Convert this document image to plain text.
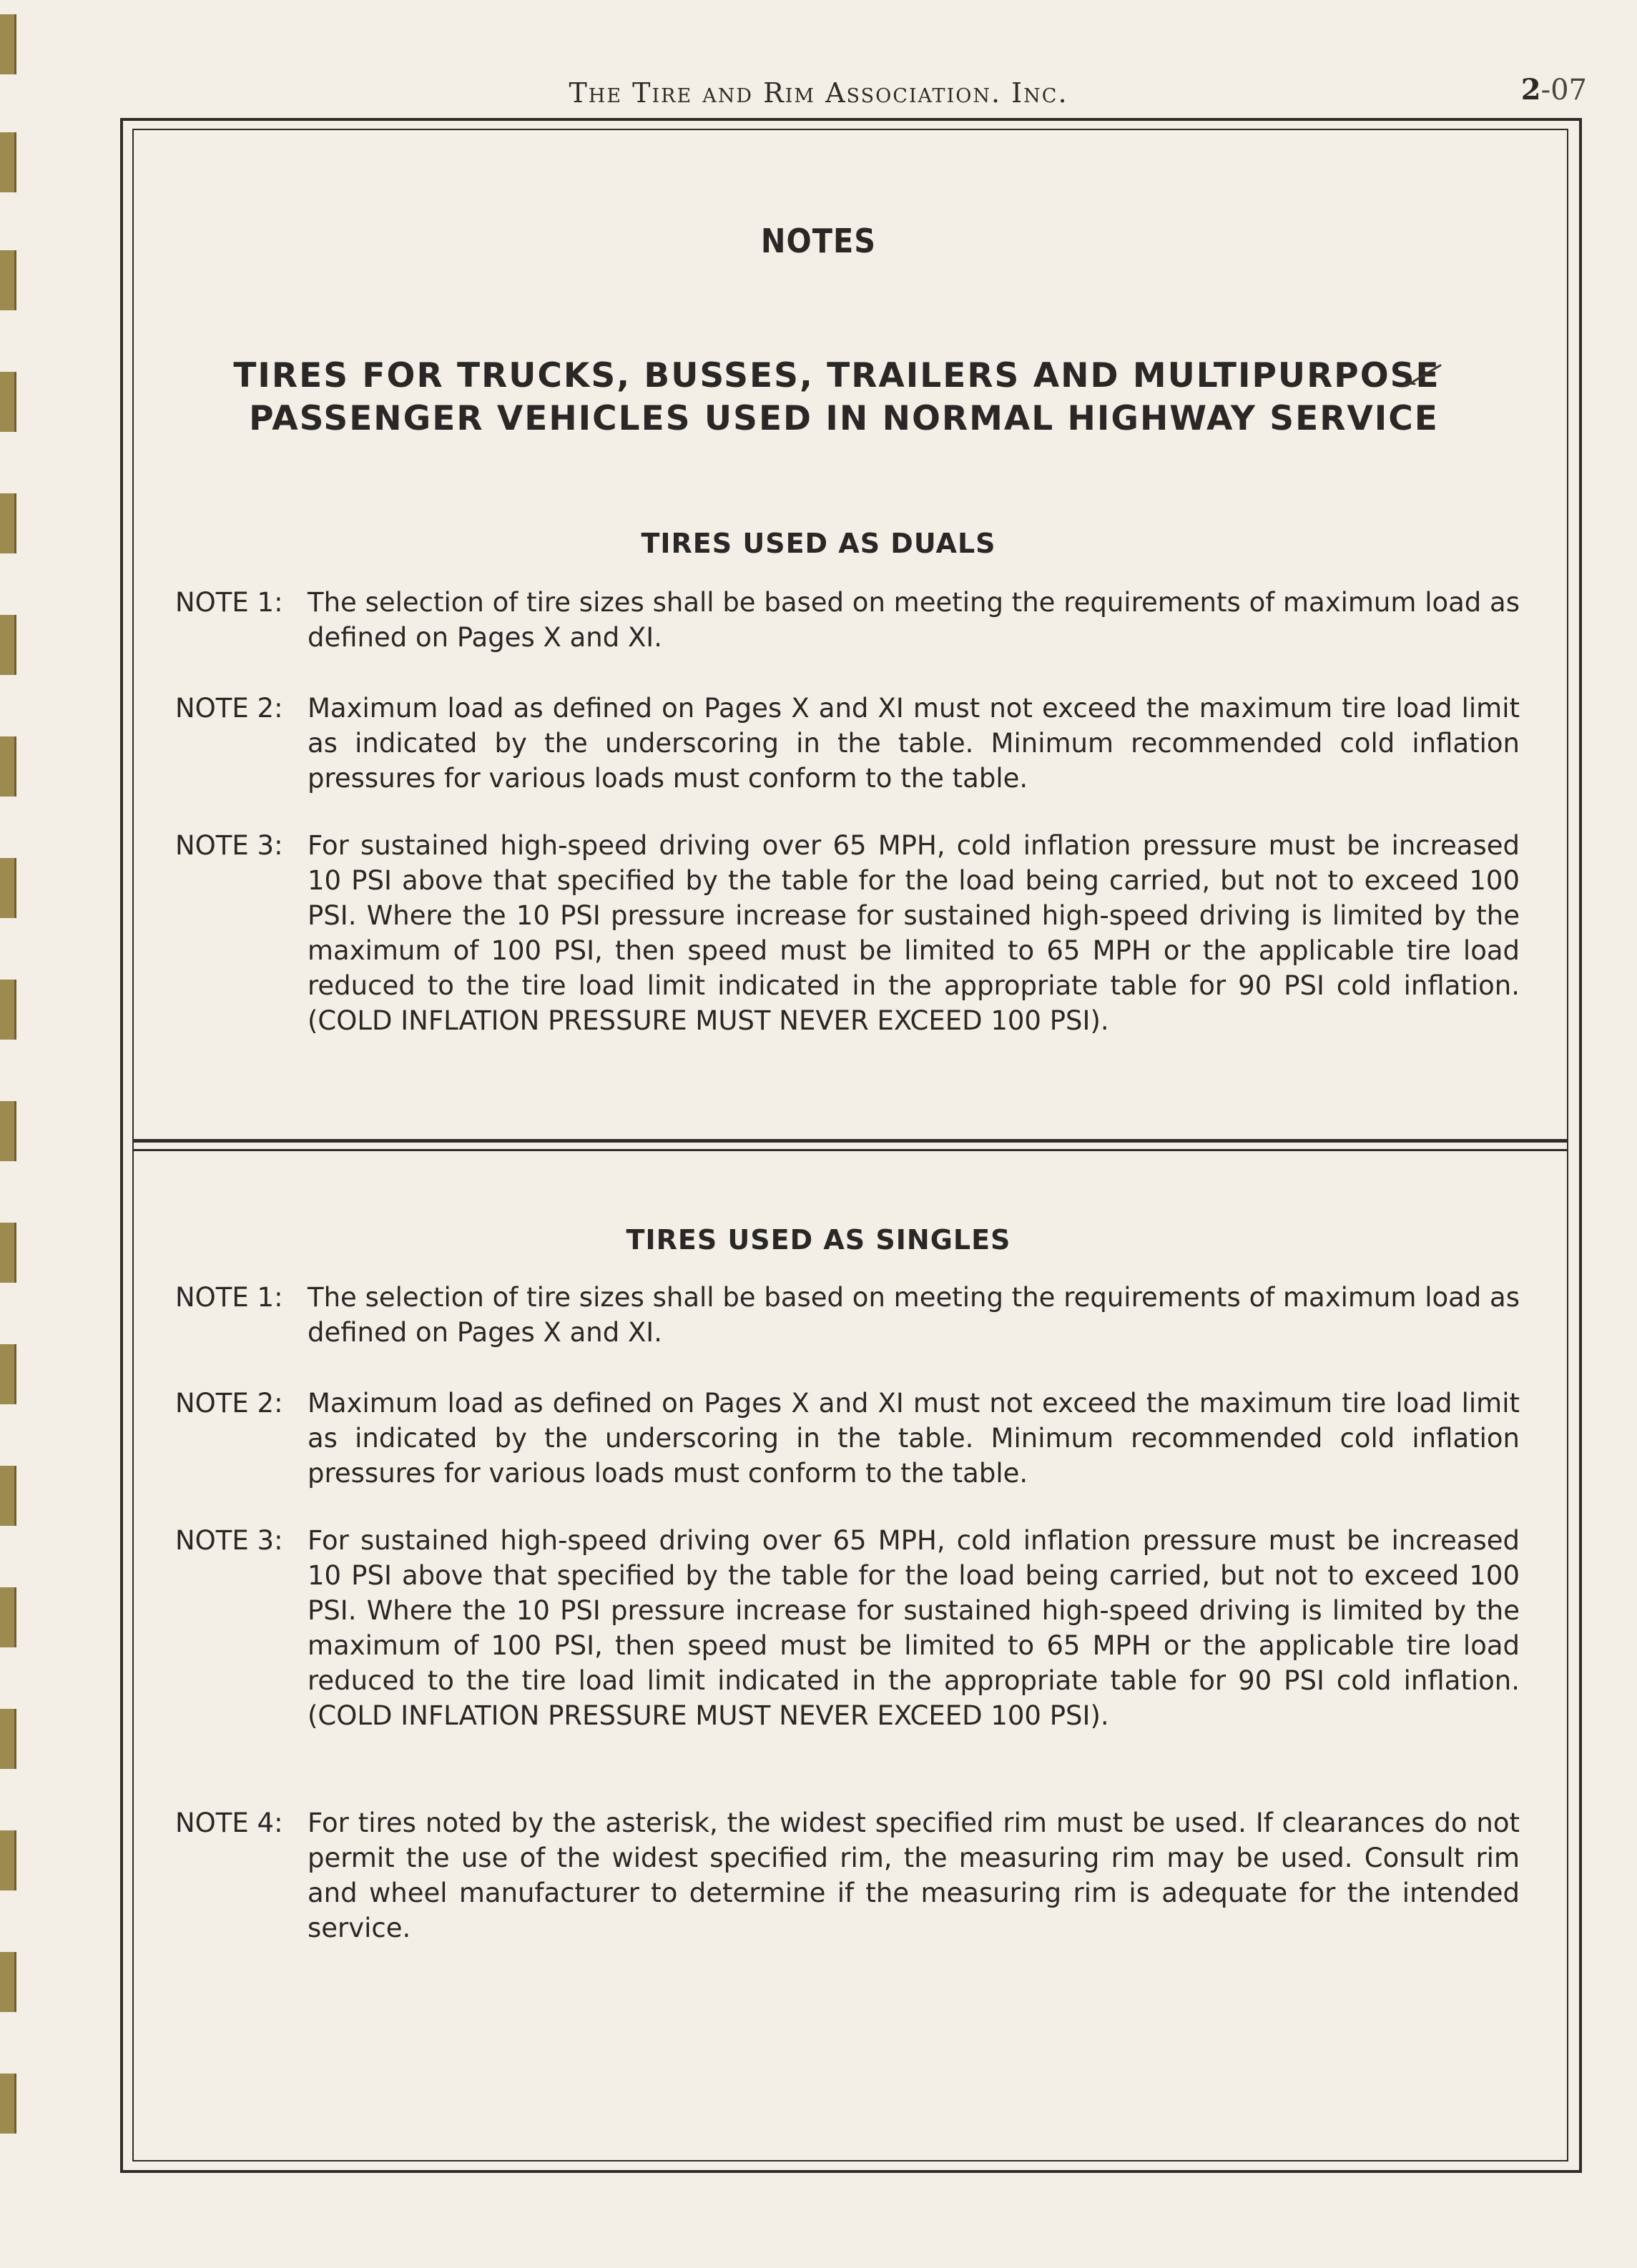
The Tire and Rim Association. Inc.	2-07
NOTES
TIRES FOR TRUCKS, BUSSES, TRAILERS AND MULTIPURPOSE
PASSENGER VEHICLES USED IN NORMAL HIGHWAY SERVICE
TIRES USED AS DUALS
NOTE 1: The selection of tire sizes shall be based on meeting the requirements of maximum load as defined on Pages X and XI.
NOTE 2: Maximum load as defined on Pages X and XI must not exceed the maximum tire load limit as indicated by the underscoring in the table. Minimum recommended cold inflation pressures for various loads must conform to the table.
NOTE 3: For sustained high-speed driving over 65 MPH, cold inflation pressure must be increased 10 PSI above that specified by the table for the load being carried, but not to exceed 100 PSI. Where the 10 PSI pressure increase for sustained high-speed driving is limited by the maximum of 100 PSI, then speed must be limited to 65 MPH or the applicable tire load reduced to the tire load limit indicated in the appropriate table for 90 PSI cold inflation. (COLD INFLATION PRESSURE MUST NEVER EXCEED 100 PSI).
TIRES USED AS SINGLES
NOTE 1: The selection of tire sizes shall be based on meeting the requirements of maximum load as defined on Pages X and XI.
NOTE 2: Maximum load as defined on Pages X and XI must not exceed the maximum tire load limit as indicated by the underscoring in the table. Minimum recommended cold inflation pressures for various loads must conform to the table.
NOTE 3: For sustained high-speed driving over 65 MPH, cold inflation pressure must be increased 10 PSI above that specified by the table for the load being carried, but not to exceed 100 PSI. Where the 10 PSI pressure increase for sustained high-speed driving is limited by the maximum of 100 PSI, then speed must be limited to 65 MPH or the applicable tire load reduced to the tire load limit indicated in the appropriate table for 90 PSI cold inflation. (COLD INFLATION PRESSURE MUST NEVER EXCEED 100 PSI).
NOTE 4: For tires noted by the asterisk, the widest specified rim must be used. If clearances do not permit the use of the widest specified rim, the measuring rim may be used. Consult rim and wheel manufacturer to determine if the measuring rim is adequate for the intended service.
